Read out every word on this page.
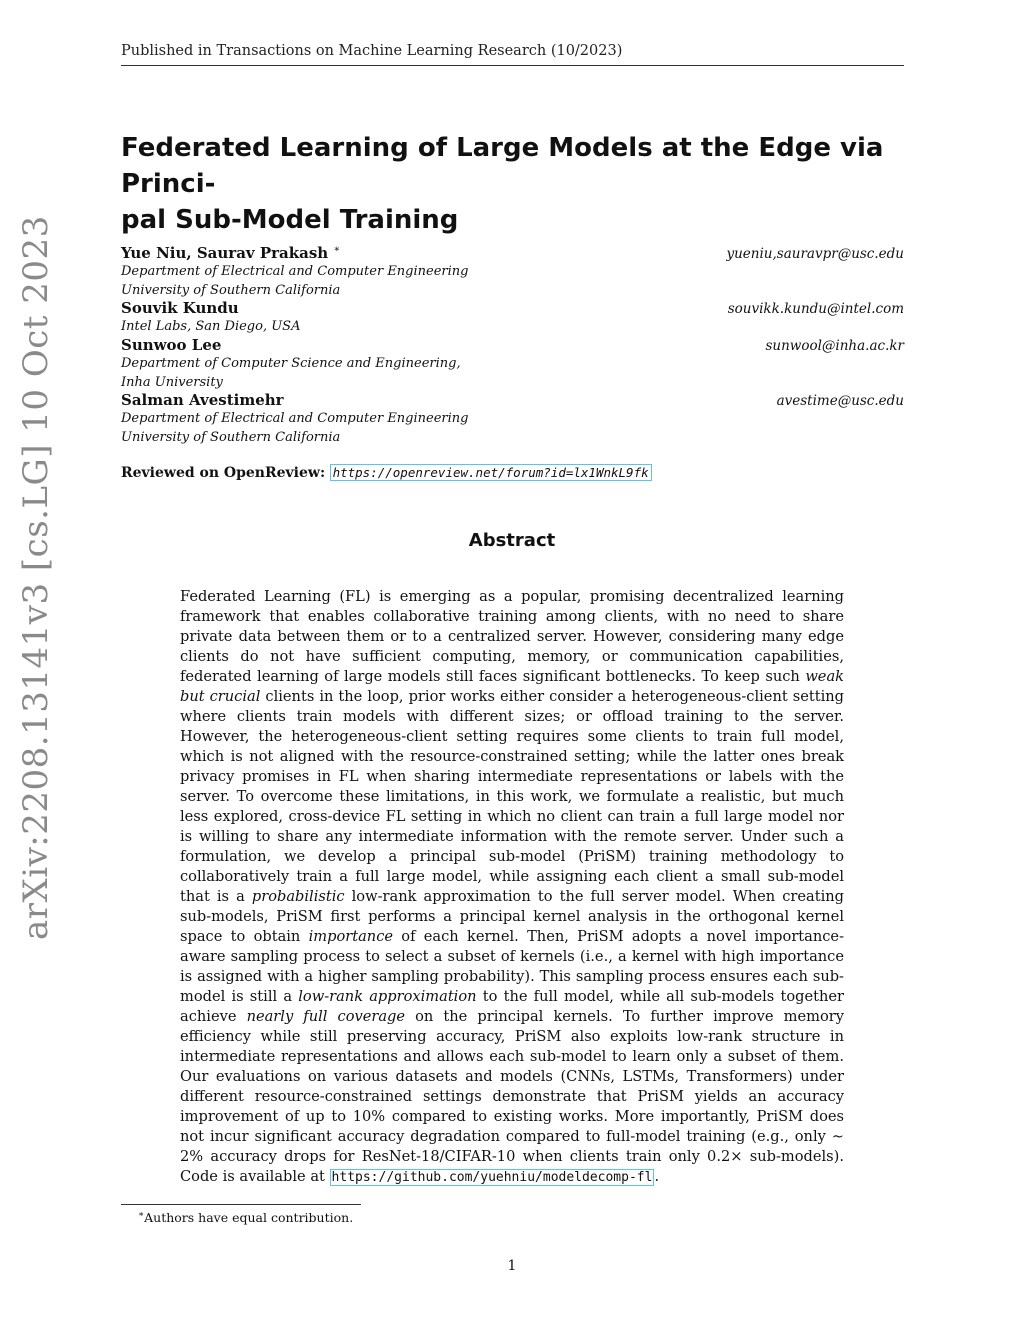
Published in Transactions on Machine Learning Research (10/2023)
Federated Learning of Large Models at the Edge via Princi-
pal Sub-Model Training
Yue Niu, Saurav Prakash ∗	yueniu,sauravpr@usc.edu
Department of Electrical and Computer Engineering
University of Southern California
Souvik Kundu	souvikk.kundu@intel.com
Intel Labs, San Diego, USA
Sunwoo Lee	sunwool@inha.ac.kr
Department of Computer Science and Engineering,
Inha University
Salman Avestimehr	avestime@usc.edu
Department of Electrical and Computer Engineering
University of Southern California
Reviewed on OpenReview: https://openreview.net/forum?id=lx1WnkL9fk
Abstract
Federated Learning (FL) is emerging as a popular, promising decentralized learning framework that enables collaborative training among clients, with no need to share private data between them or to a centralized server. However, considering many edge clients do not have sufficient computing, memory, or communication capabilities, federated learning of large models still faces significant bottlenecks. To keep such weak but crucial clients in the loop, prior works either consider a heterogeneous-client setting where clients train models with different sizes; or offload training to the server. However, the heterogeneous-client setting requires some clients to train full model, which is not aligned with the resource-constrained setting; while the latter ones break privacy promises in FL when sharing intermediate representations or labels with the server. To overcome these limitations, in this work, we formulate a realistic, but much less explored, cross-device FL setting in which no client can train a full large model nor is willing to share any intermediate information with the remote server. Under such a formulation, we develop a principal sub-model (PriSM) training methodology to collaboratively train a full large model, while assigning each client a small sub-model that is a probabilistic low-rank approximation to the full server model. When creating sub-models, PriSM first performs a principal kernel analysis in the orthogonal kernel space to obtain importance of each kernel. Then, PriSM adopts a novel importance-aware sampling process to select a subset of kernels (i.e., a kernel with high importance is assigned with a higher sampling probability). This sampling process ensures each sub-model is still a low-rank approximation to the full model, while all sub-models together achieve nearly full coverage on the principal kernels. To further improve memory efficiency while still preserving accuracy, PriSM also exploits low-rank structure in intermediate representations and allows each sub-model to learn only a subset of them. Our evaluations on various datasets and models (CNNs, LSTMs, Transformers) under different resource-constrained settings demonstrate that PriSM yields an accuracy improvement of up to 10% compared to existing works. More importantly, PriSM does not incur significant accuracy degradation compared to full-model training (e.g., only ∼ 2% accuracy drops for ResNet-18/CIFAR-10 when clients train only 0.2× sub-models). Code is available at https://github.com/yuehniu/modeldecomp-fl .
arXiv:2208.13141v3 [cs.LG] 10 Oct 2023
∗Authors have equal contribution.
1
